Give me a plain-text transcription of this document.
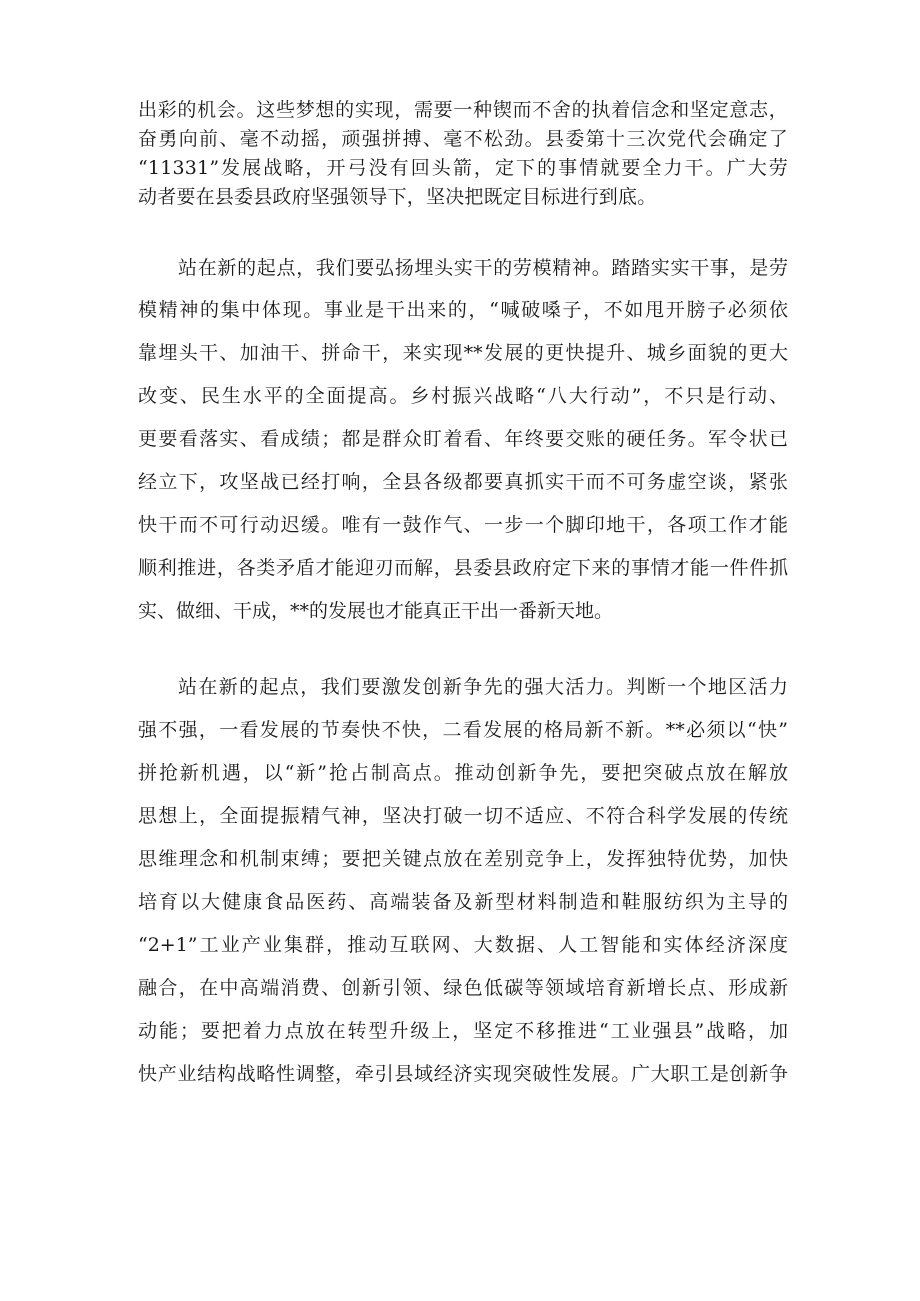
出彩的机会。这些梦想的实现，需要一种锲而不舍的执着信念和坚定意志，
奋勇向前、毫不动摇，顽强拼搏、毫不松劲。县委第十三次党代会确定了
“11331”发展战略，开弓没有回头箭，定下的事情就要全力干。广大劳
动者要在县委县政府坚强领导下，坚决把既定目标进行到底。
站在新的起点，我们要弘扬埋头实干的劳模精神。踏踏实实干事，是劳
模精神的集中体现。事业是干出来的，“喊破嗓子，不如甩开膀子必须依
靠埋头干、加油干、拼命干，来实现**发展的更快提升、城乡面貌的更大
改变、民生水平的全面提高。乡村振兴战略“八大行动”，不只是行动、
更要看落实、看成绩；都是群众盯着看、年终要交账的硬任务。军令状已
经立下，攻坚战已经打响，全县各级都要真抓实干而不可务虚空谈，紧张
快干而不可行动迟缓。唯有一鼓作气、一步一个脚印地干，各项工作才能
顺利推进，各类矛盾才能迎刃而解，县委县政府定下来的事情才能一件件抓
实、做细、干成，**的发展也才能真正干出一番新天地。
站在新的起点，我们要激发创新争先的强大活力。判断一个地区活力
强不强，一看发展的节奏快不快，二看发展的格局新不新。**必须以“快”
拼抢新机遇，以“新”抢占制高点。推动创新争先，要把突破点放在解放
思想上，全面提振精气神，坚决打破一切不适应、不符合科学发展的传统
思维理念和机制束缚；要把关键点放在差别竞争上，发挥独特优势，加快
培育以大健康食品医药、高端装备及新型材料制造和鞋服纺织为主导的
“2+1”工业产业集群，推动互联网、大数据、人工智能和实体经济深度
融合，在中高端消费、创新引领、绿色低碳等领域培育新增长点、形成新
动能；要把着力点放在转型升级上，坚定不移推进“工业强县”战略，加
快产业结构战略性调整，牵引县域经济实现突破性发展。广大职工是创新争
